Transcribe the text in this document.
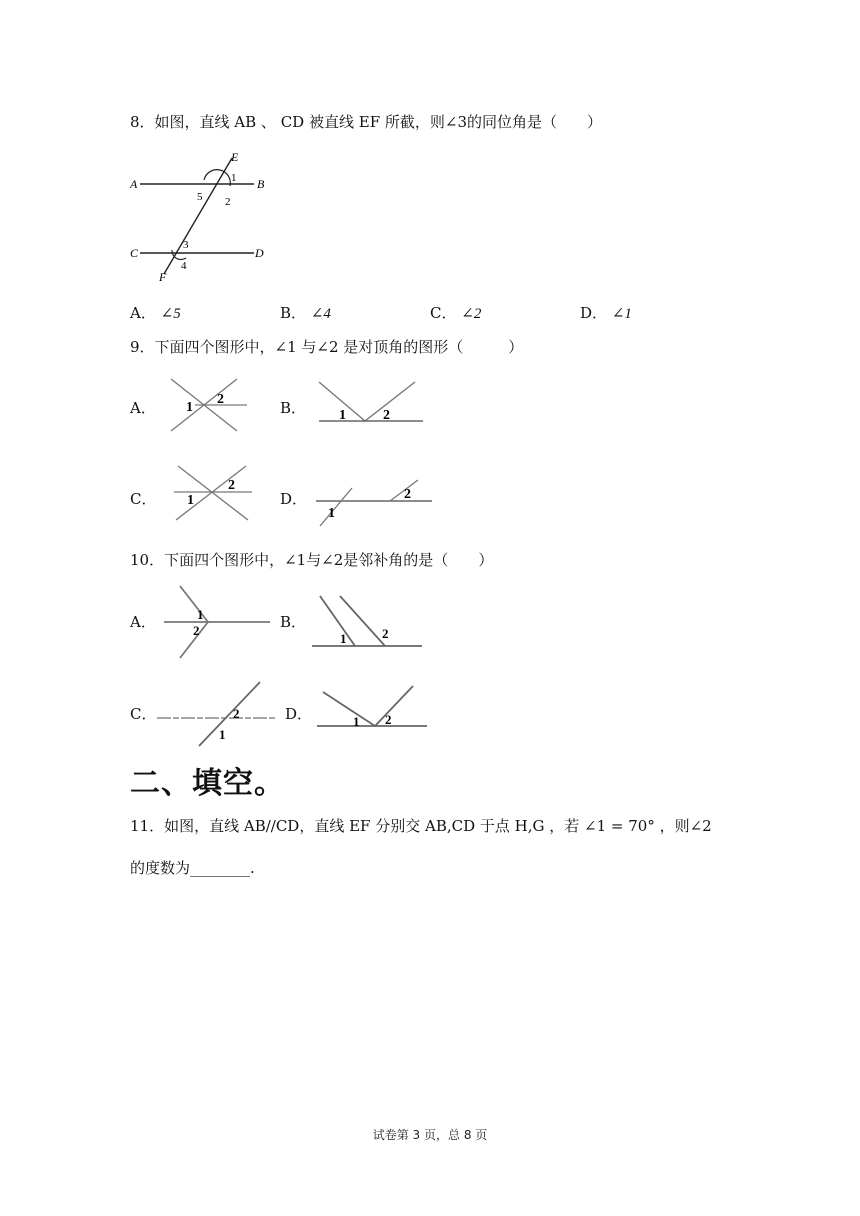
8．如图，直线 AB 、 CD 被直线 EF 所截，则∠3的同位角是（　　）
E
A	B
C	D
F
1
2
5
3
4
A． ∠5	B． ∠4	C． ∠2	D． ∠1
9．下面四个图形中，∠1 与∠2 是对顶角的图形（　　　）
A． 1
2	B． 1	2
C． 1
2
D．
1
2
10．下面四个图形中，∠1与∠2是邻补角的是（　　）
A．	1
2	B．
1	2
C．	2
1
D．	1 2
二、填空。
11．如图，直线 AB//CD，直线 EF 分别交 AB,CD 于点 H,G ，若 ∠1 = 70° ，则∠2
的度数为________.
试卷第 3 页，总 8 页
